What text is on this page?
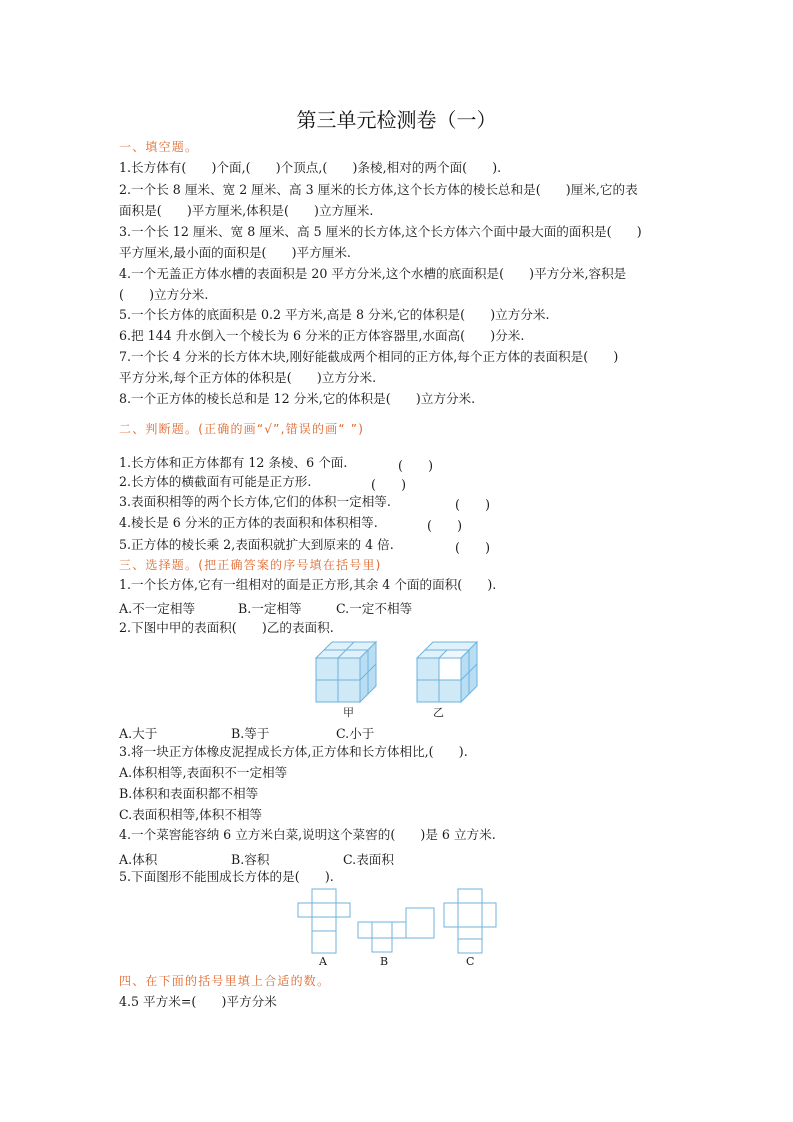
第三单元检测卷（一）
一、填空题。
1.长方体有(　　)个面,(　　)个顶点,(　　)条棱,相对的两个面(　　).
2.一个长 8 厘米、宽 2 厘米、高 3 厘米的长方体,这个长方体的棱长总和是(　　)厘米,它的表
面积是(　　)平方厘米,体积是(　　)立方厘米.
3.一个长 12 厘米、宽 8 厘米、高 5 厘米的长方体,这个长方体六个面中最大面的面积是(　　)
平方厘米,最小面的面积是(　　)平方厘米.
4.一个无盖正方体水槽的表面积是 20 平方分米,这个水槽的底面积是(　　)平方分米,容积是
(　　)立方分米.
5.一个长方体的底面积是 0.2 平方米,高是 8 分米,它的体积是(　　)立方分米.
6.把 144 升水倒入一个棱长为 6 分米的正方体容器里,水面高(　　)分米.
7.一个长 4 分米的长方体木块,刚好能截成两个相同的正方体,每个正方体的表面积是(　　)
平方分米,每个正方体的体积是(　　)立方分米.
8.一个正方体的棱长总和是 12 分米,它的体积是(　　)立方分米.
二、判断题。(正确的画“√”,错误的画“ ”)
1.长方体和正方体都有 12 条棱、6 个面.	(　　)
2.长方体的横截面有可能是正方形.	(　　)
3.表面积相等的两个长方体,它们的体积一定相等.	(　　)
4.棱长是 6 分米的正方体的表面积和体积相等.	(　　)
5.正方体的棱长乘 2,表面积就扩大到原来的 4 倍.	(　　)
三、选择题。(把正确答案的序号填在括号里)
1.一个长方体,它有一组相对的面是正方形,其余 4 个面的面积(　　).
A.不一定相等	B.一定相等	C.一定不相等
2.下图中甲的表面积(　　)乙的表面积.
甲	乙
A.大于	B.等于	C.小于
3.将一块正方体橡皮泥捏成长方体,正方体和长方体相比,(　　).
A.体积相等,表面积不一定相等
B.体积和表面积都不相等
C.表面积相等,体积不相等
4.一个菜窖能容纳 6 立方米白菜,说明这个菜窖的(　　)是 6 立方米.
A.体积	B.容积	C.表面积
5.下面图形不能围成长方体的是(　　).
A	B	C
四、在下面的括号里填上合适的数。
4.5 平方米=(　　)平方分米
